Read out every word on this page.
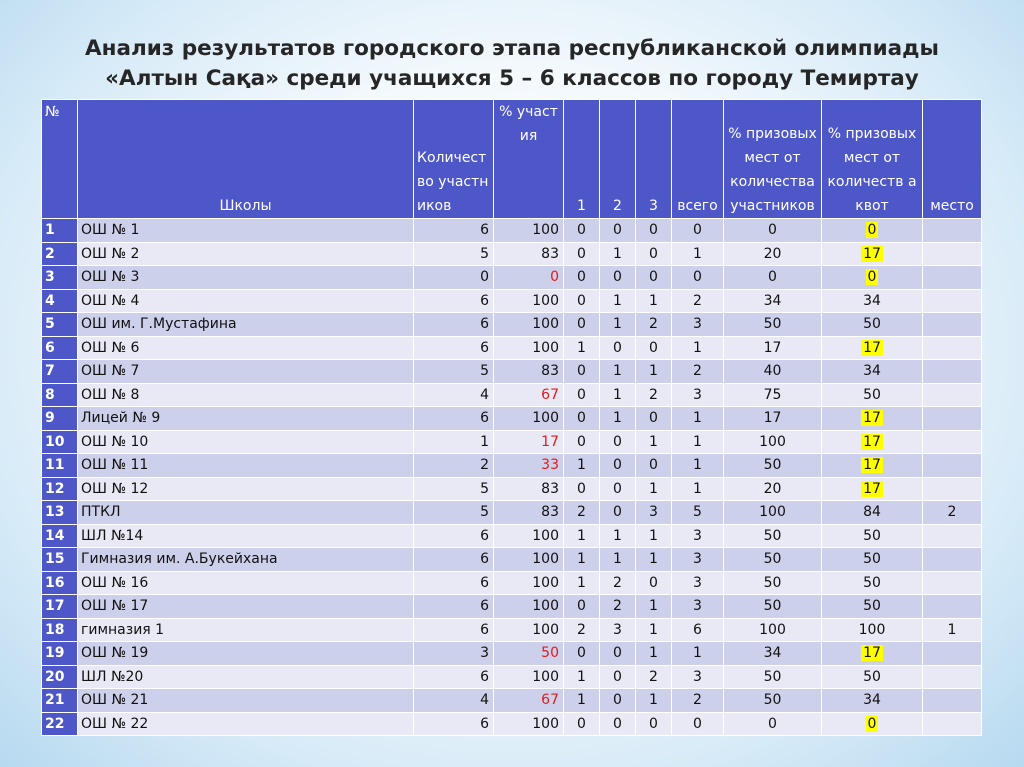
Анализ результатов городского этапа республиканской олимпиады
«Алтын Сақа» среди учащихся 5 – 6 классов по городу Темиртау
№	Школы	Количество участников	% участия	1	2	3	всего	% призовых мест от количества участников	% призовых мест от количеств а квот	место
1	ОШ № 1	6	100	0	0	0	0	0	0	
2	ОШ № 2	5	83	0	1	0	1	20	17	
3	ОШ № 3	0	0	0	0	0	0	0	0	
4	ОШ № 4	6	100	0	1	1	2	34	34	
5	ОШ им. Г.Мустафина	6	100	0	1	2	3	50	50	
6	ОШ № 6	6	100	1	0	0	1	17	17	
7	ОШ № 7	5	83	0	1	1	2	40	34	
8	ОШ № 8	4	67	0	1	2	3	75	50	
9	Лицей № 9	6	100	0	1	0	1	17	17	
10	ОШ № 10	1	17	0	0	1	1	100	17	
11	ОШ № 11	2	33	1	0	0	1	50	17	
12	ОШ № 12	5	83	0	0	1	1	20	17	
13	ПТКЛ	5	83	2	0	3	5	100	84	2
14	ШЛ №14	6	100	1	1	1	3	50	50	
15	Гимназия им. А.Букейхана	6	100	1	1	1	3	50	50	
16	ОШ № 16	6	100	1	2	0	3	50	50	
17	ОШ № 17	6	100	0	2	1	3	50	50	
18	гимназия 1	6	100	2	3	1	6	100	100	1
19	ОШ № 19	3	50	0	0	1	1	34	17	
20	ШЛ №20	6	100	1	0	2	3	50	50	
21	ОШ № 21	4	67	1	0	1	2	50	34	
22	ОШ № 22	6	100	0	0	0	0	0	0	
